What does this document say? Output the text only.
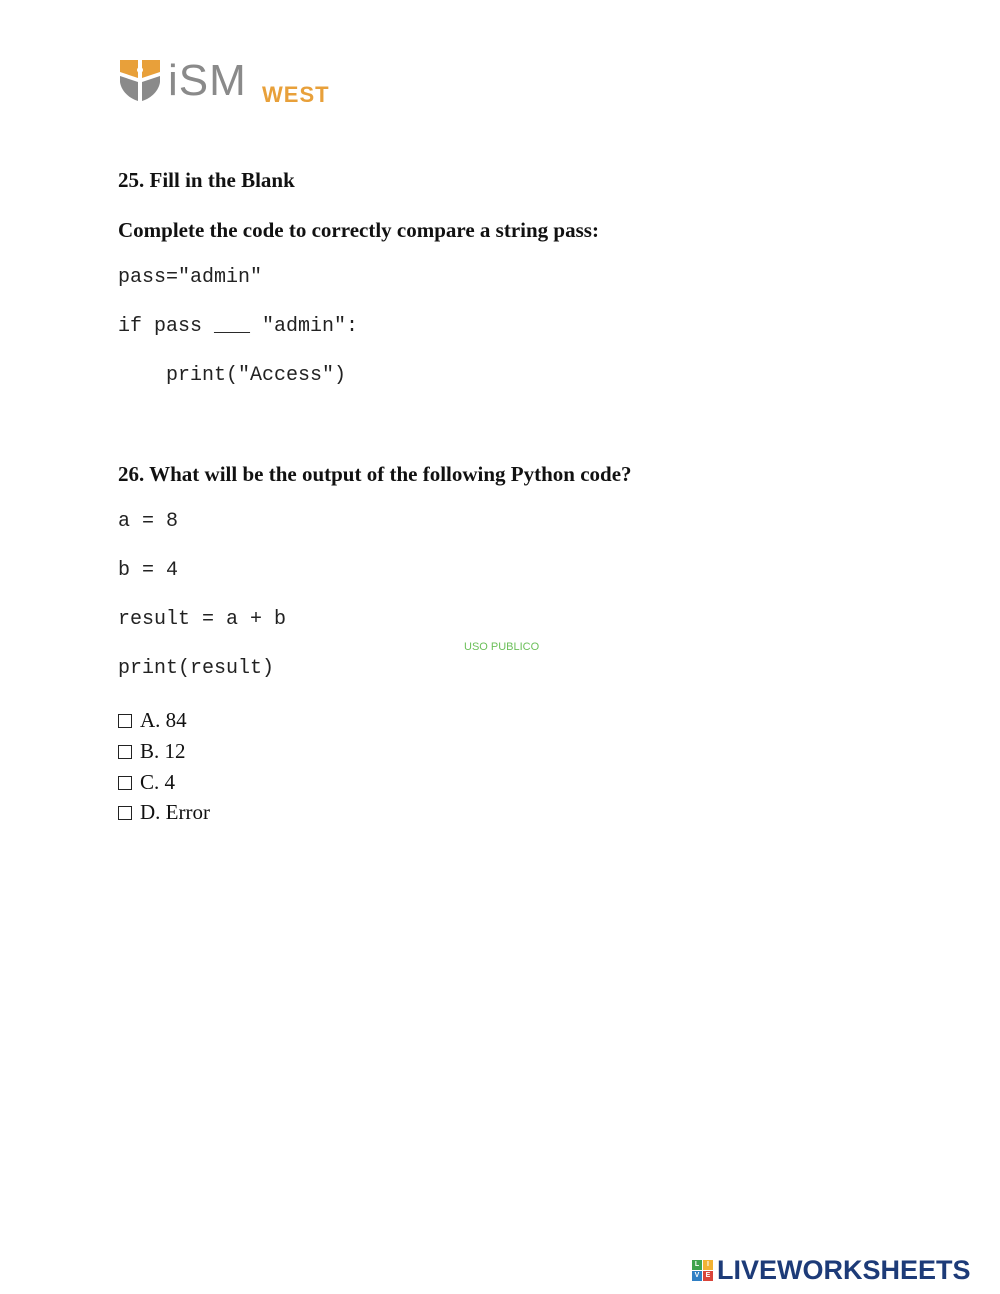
iSM WEST
25. Fill in the Blank
Complete the code to correctly compare a string pass:
pass="admin"
if pass ___ "admin":
print("Access")
26. What will be the output of the following Python code?
a = 8
b = 4
result = a + b
print(result)
USO PUBLICO
A. 84
B. 12
C. 4
D. Error
L	I
V E LIVEWORKSHEETS
